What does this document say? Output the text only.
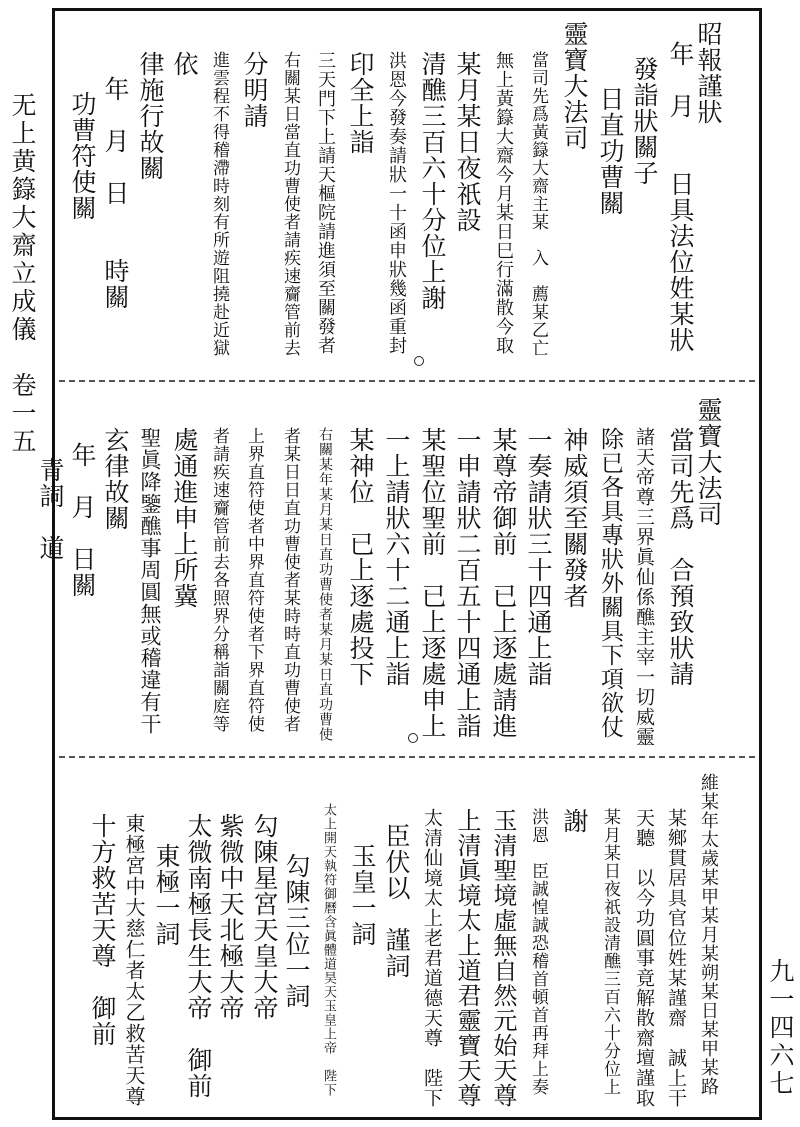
无上黄籙大齋立成儀　卷一五
九一四六七
昭報謹狀
年　月　　日具法位姓某狀
發詣狀關子
日直功曹關
靈寶大法司
當司先爲黃籙大齋主某　入　薦某乙亡
無上黃籙大齋今月某日巳行滿散今取
某月某日夜祇設
清醮三百六十分位上謝
洪恩今發奏請狀一十函申狀幾函重封
印全上詣
三天門下上請天樞院請進須至關發者
右關某日當直功曹使者請疾速齎管前去
分明請
進雲程不得稽滯時刻有所遊阻撓赴近獄
依
律施行故關
年　月　日　　時關
功曹符使關
靈寶大法司
當司先爲　合預致狀請
諸天帝尊三界眞仙係醮主宰一切威靈
除已各具專狀外關具下項欲仗
神威須至關發者
一奏請狀三十四通上詣
某尊帝御前　已上逐處請進
一申請狀二百五十四通上詣
某聖位聖前　已上逐處申上
一上請狀六十二通上詣
某神位　已上逐處投下
右關某年某月某日直功曹使者某月某日直功曹使
者某日日直功曹使者某時時直功曹使者
上界直符使者中界直符使者下界直符使
者請疾速齎管前去各照界分稱詣關庭等
處通進申上所冀
聖眞降鑒醮事周圓無或稽違有干
玄律故關
年　月　日關
青詞　道
維某年太歲某甲某月某朔某日某甲某路
某鄉貫居具官位姓某謹齋　誠上干
天聽　以今功圓事竟解散齋壇謹取
某月某日夜祇設清醮三百六十分位上
謝
洪恩　臣誠惶誠恐稽首頓首再拜上奏
玉清聖境虛無自然元始天尊
上清眞境太上道君靈寶天尊
太清仙境太上老君道德天尊　陛下
臣伏以　謹詞
玉皇一詞
太上開天執符御曆含眞體道昊天玉皇上帝　陛下
勾陳三位一詞
勾陳星宮天皇大帝
紫微中天北極大帝
太微南極長生大帝　御前
東極一詞
東極宮中大慈仁者太乙救苦天尊
十方救苦天尊　御前
